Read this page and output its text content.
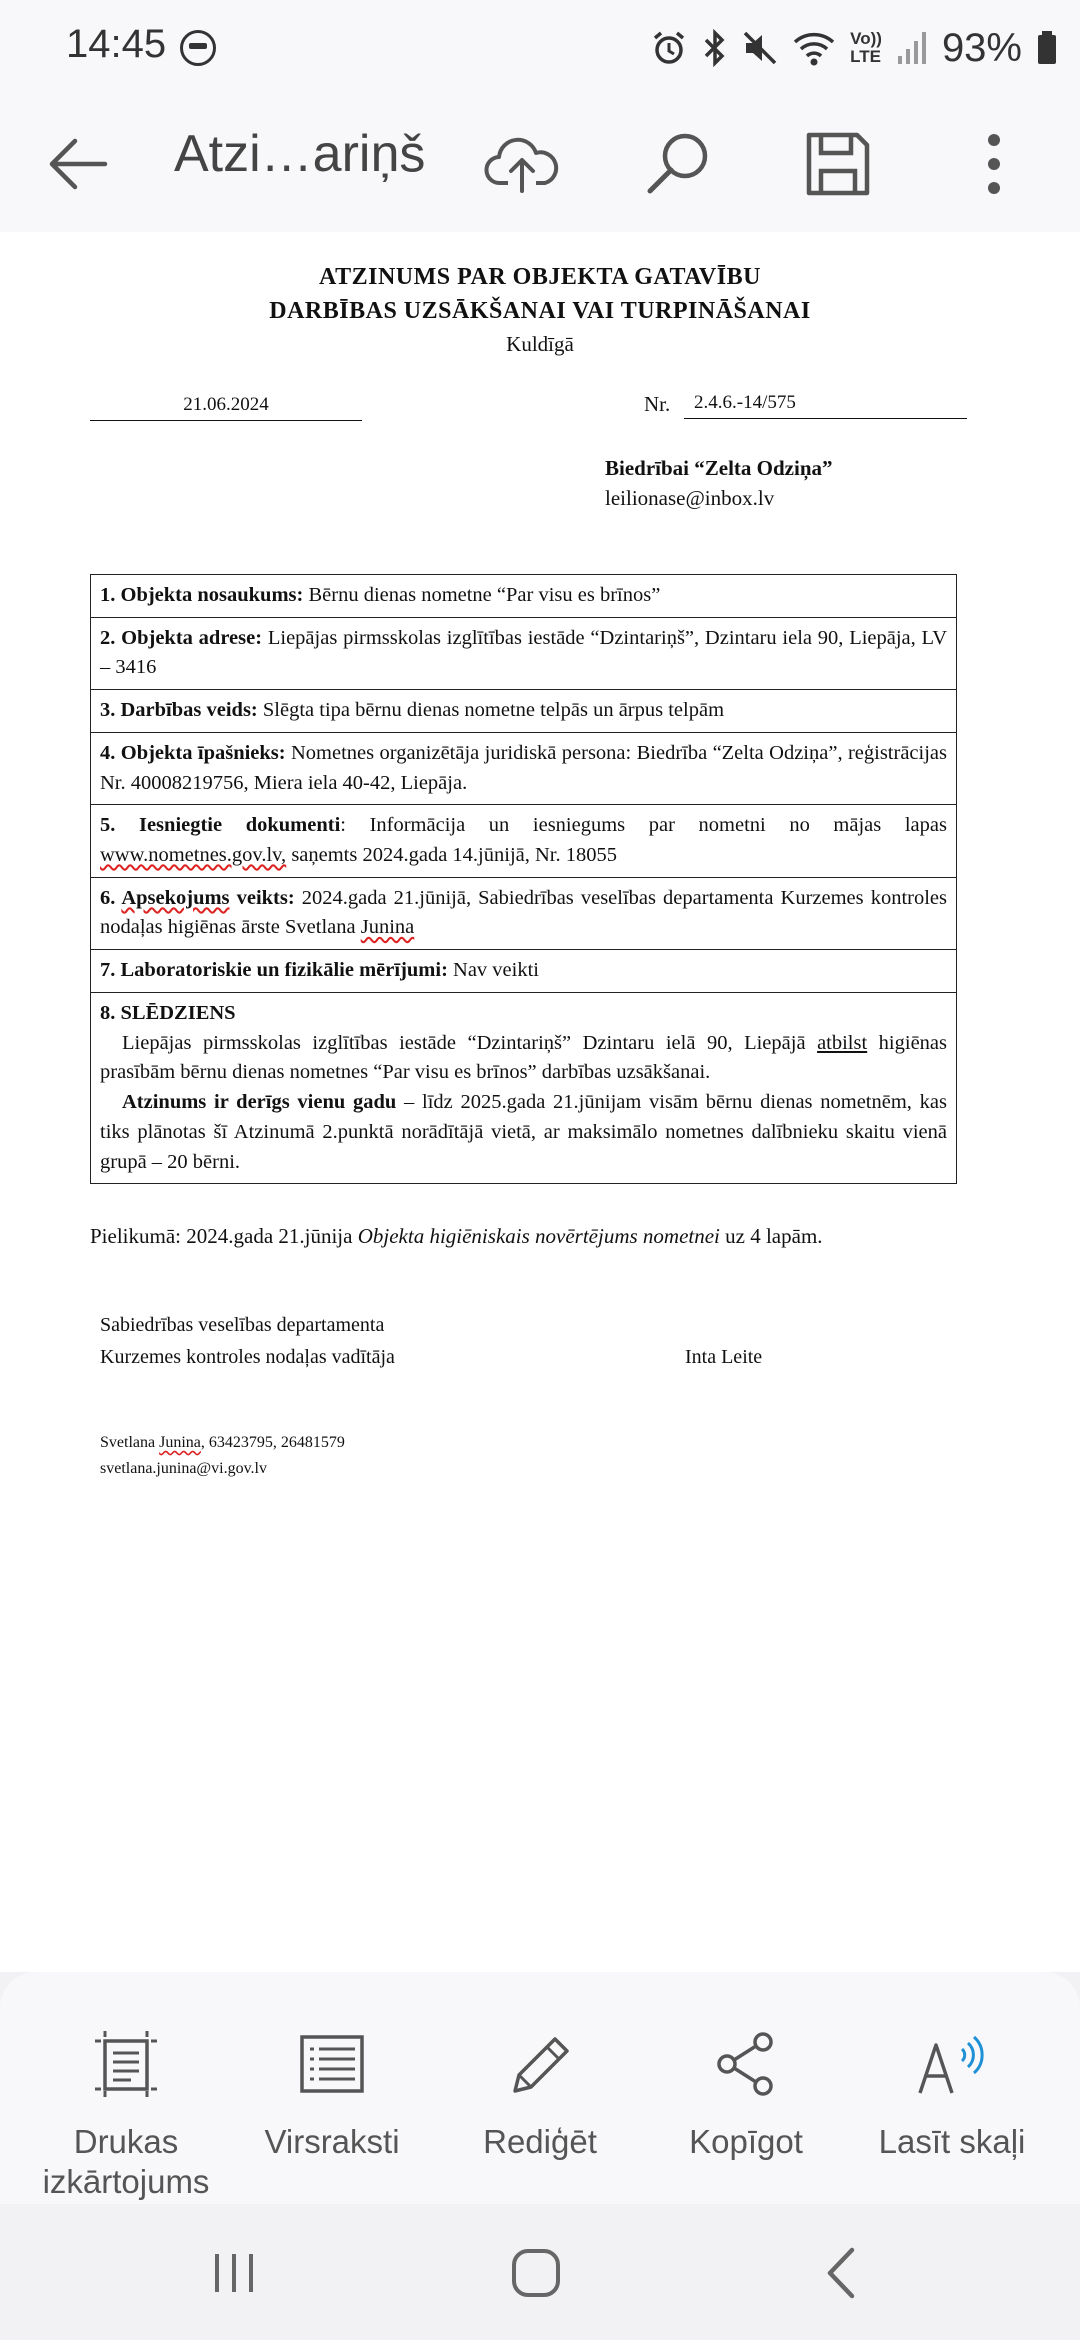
14:45	Vo))
LTE 93%
Atzi…ariņš
ATZINUMS PAR OBJEKTA GATAVĪBU
DARBĪBAS UZSĀKŠANAI VAI TURPINĀŠANAI
Kuldīgā
21.06.2024	Nr.	2.4.6.-14/575
Biedrībai “Zelta Odziņa”
leilionase@inbox.lv
1. Objekta nosaukums: Bērnu dienas nometne “Par visu es brīnos”
2. Objekta adrese: Liepājas pirmsskolas izglītības iestāde “Dzintariņš”, Dzintaru iela 90, Liepāja, LV – 3416
3. Darbības veids: Slēgta tipa bērnu dienas nometne telpās un ārpus telpām
4. Objekta īpašnieks: Nometnes organizētāja juridiskā persona: Biedrība “Zelta Odziņa”, reģistrācijas Nr. 40008219756, Miera iela 40-42, Liepāja.
5. Iesniegtie dokumenti: Informācija un iesniegums par nometni no mājas lapas www.nometnes.gov.lv, saņemts 2024.gada 14.jūnijā, Nr. 18055
6. Apsekojums veikts: 2024.gada 21.jūnijā, Sabiedrības veselības departamenta Kurzemes kontroles nodaļas higiēnas ārste Svetlana Junina
7. Laboratoriskie un fizikālie mērījumi: Nav veikti
8. SLĒDZIENS
Liepājas pirmsskolas izglītības iestāde “Dzintariņš” Dzintaru ielā 90, Liepājā atbilst higiēnas prasībām bērnu dienas nometnes “Par visu es brīnos” darbības uzsākšanai.
Atzinums ir derīgs vienu gadu – līdz 2025.gada 21.jūnijam visām bērnu dienas nometnēm, kas tiks plānotas šī Atzinumā 2.punktā norādītājā vietā, ar maksimālo nometnes dalībnieku skaitu vienā grupā – 20 bērni.
Pielikumā: 2024.gada 21.jūnija Objekta higiēniskais novērtējums nometnei uz 4 lapām.
Sabiedrības veselības departamenta
Kurzemes kontroles nodaļas vadītāja	Inta Leite
Svetlana Junina, 63423795, 26481579
svetlana.junina@vi.gov.lv
Drukas
izkārtojums
Virsraksti	Rediģēt	Kopīgot Lasīt skaļi
